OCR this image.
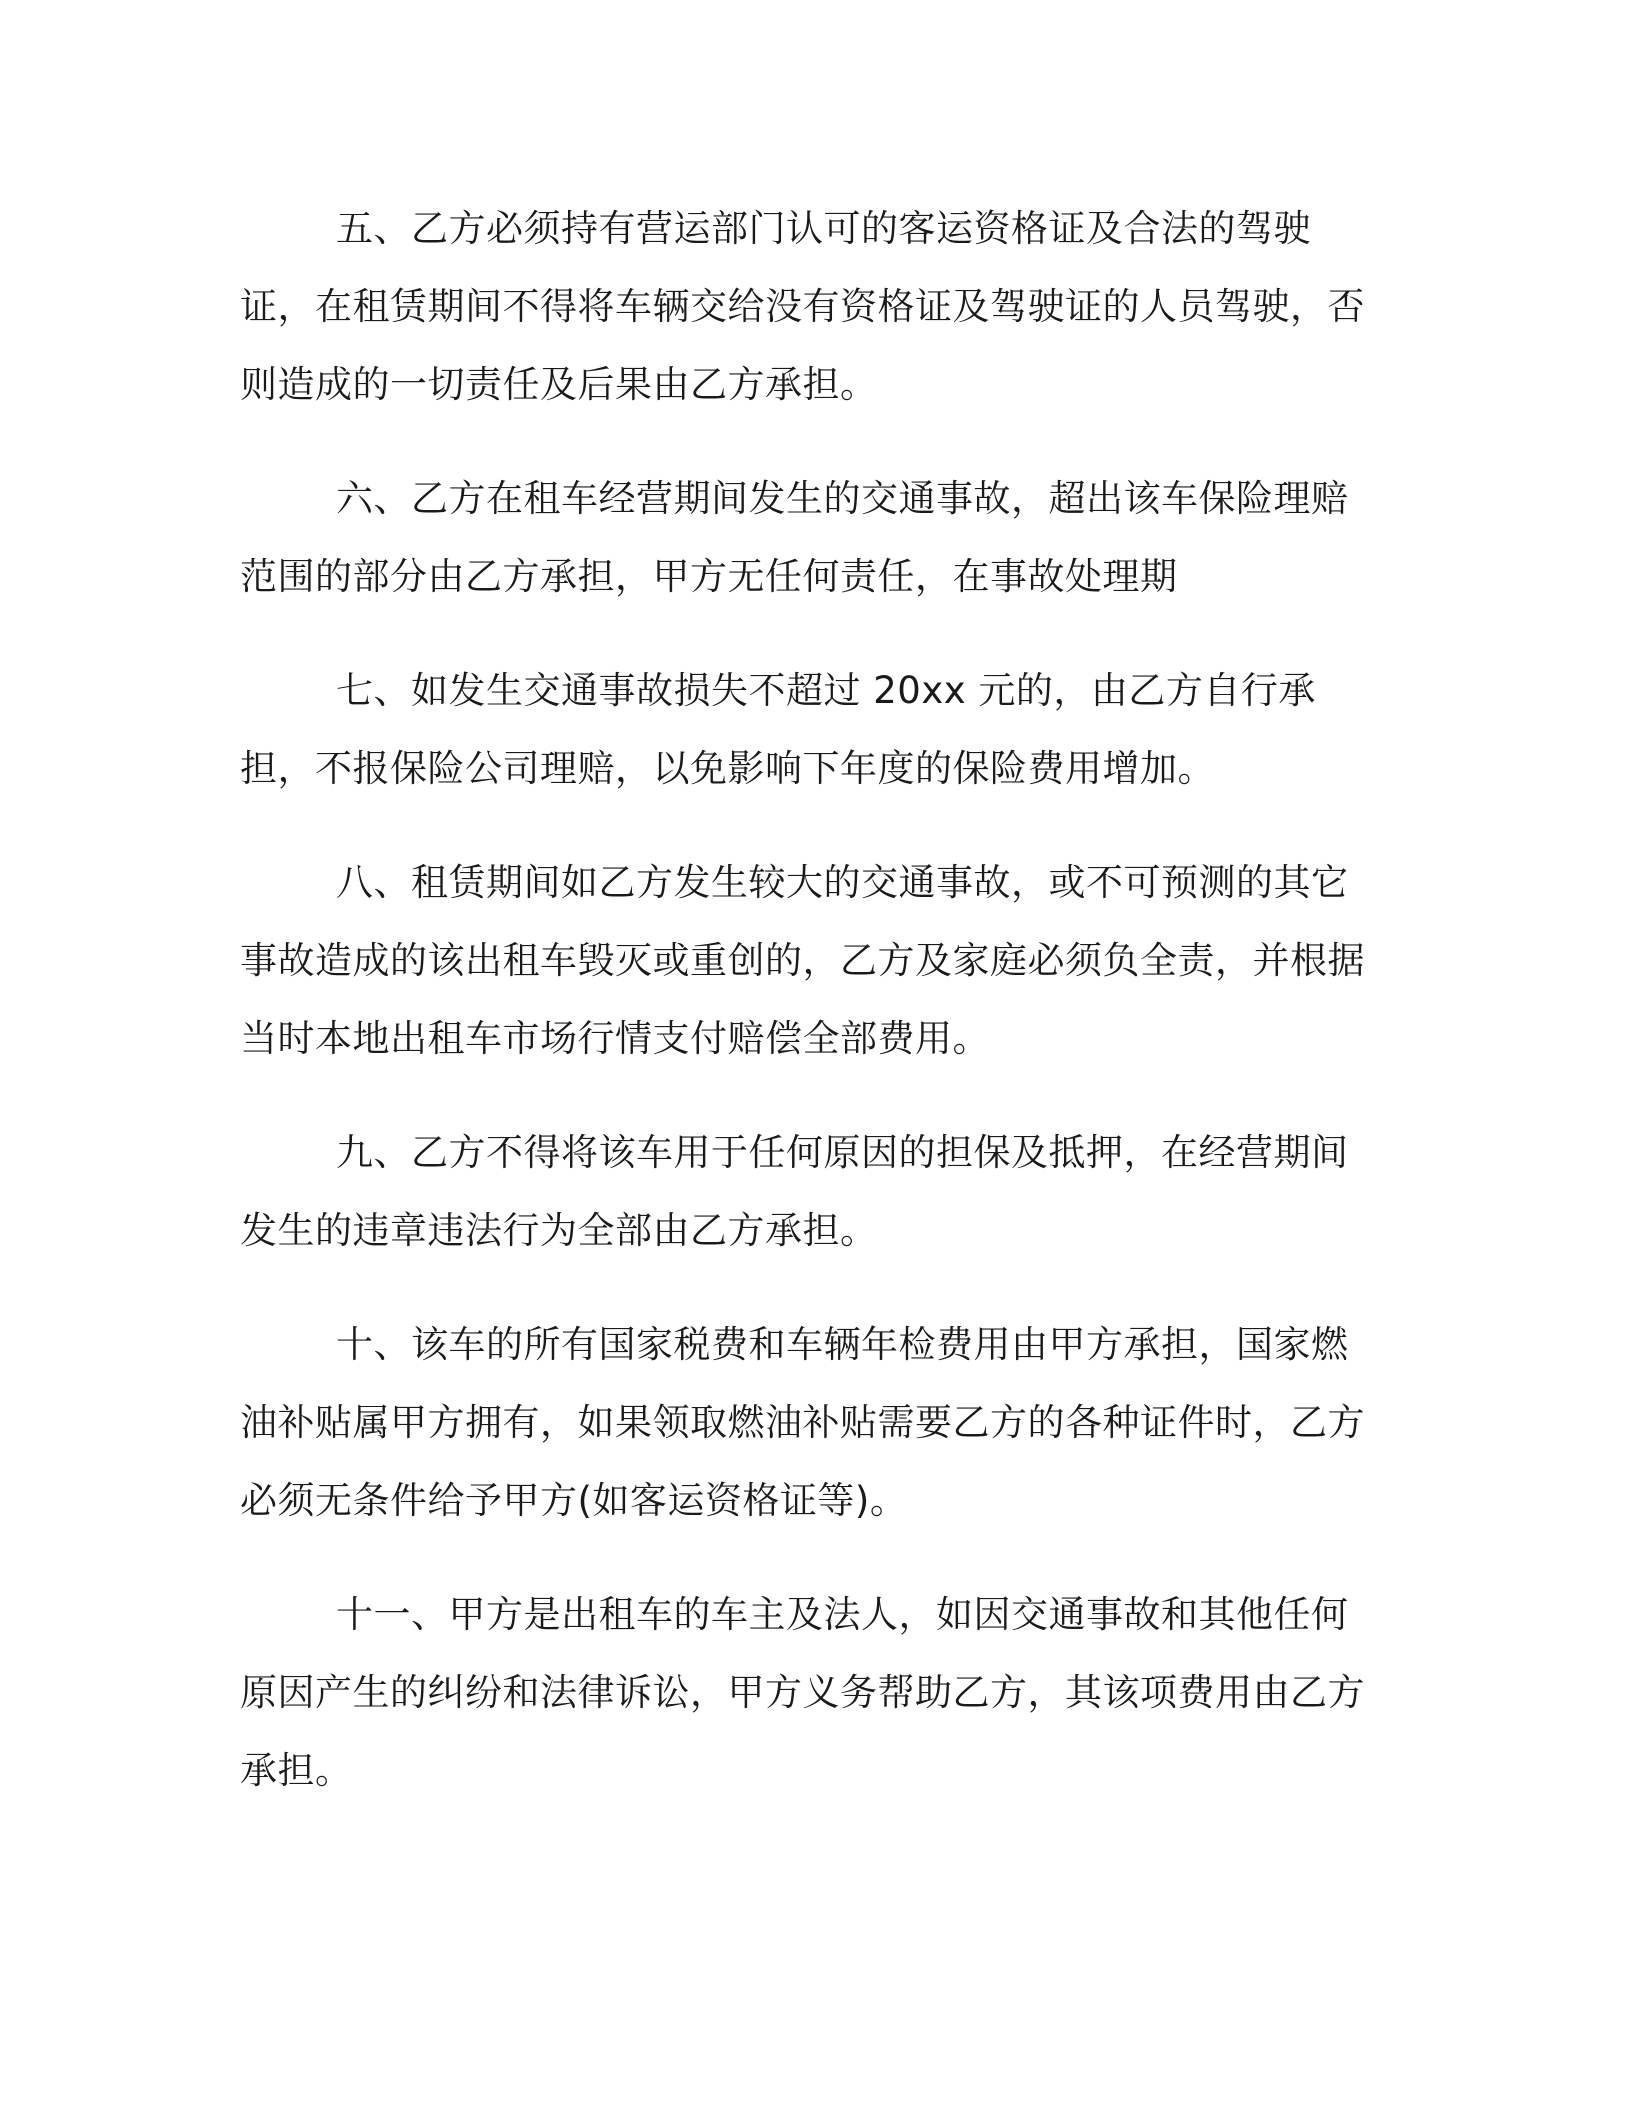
五、乙方必须持有营运部门认可的客运资格证及合法的驾驶证，在租赁期间不得将车辆交给没有资格证及驾驶证的人员驾驶，否则造成的一切责任及后果由乙方承担。

六、乙方在租车经营期间发生的交通事故，超出该车保险理赔范围的部分由乙方承担，甲方无任何责任，在事故处理期

七、如发生交通事故损失不超过 20xx 元的，由乙方自行承担，不报保险公司理赔，以免影响下年度的保险费用增加。

八、租赁期间如乙方发生较大的交通事故，或不可预测的其它事故造成的该出租车毁灭或重创的，乙方及家庭必须负全责，并根据当时本地出租车市场行情支付赔偿全部费用。

九、乙方不得将该车用于任何原因的担保及抵押，在经营期间发生的违章违法行为全部由乙方承担。

十、该车的所有国家税费和车辆年检费用由甲方承担，国家燃油补贴属甲方拥有，如果领取燃油补贴需要乙方的各种证件时，乙方必须无条件给予甲方(如客运资格证等)。

十一、甲方是出租车的车主及法人，如因交通事故和其他任何原因产生的纠纷和法律诉讼，甲方义务帮助乙方，其该项费用由乙方承担。
